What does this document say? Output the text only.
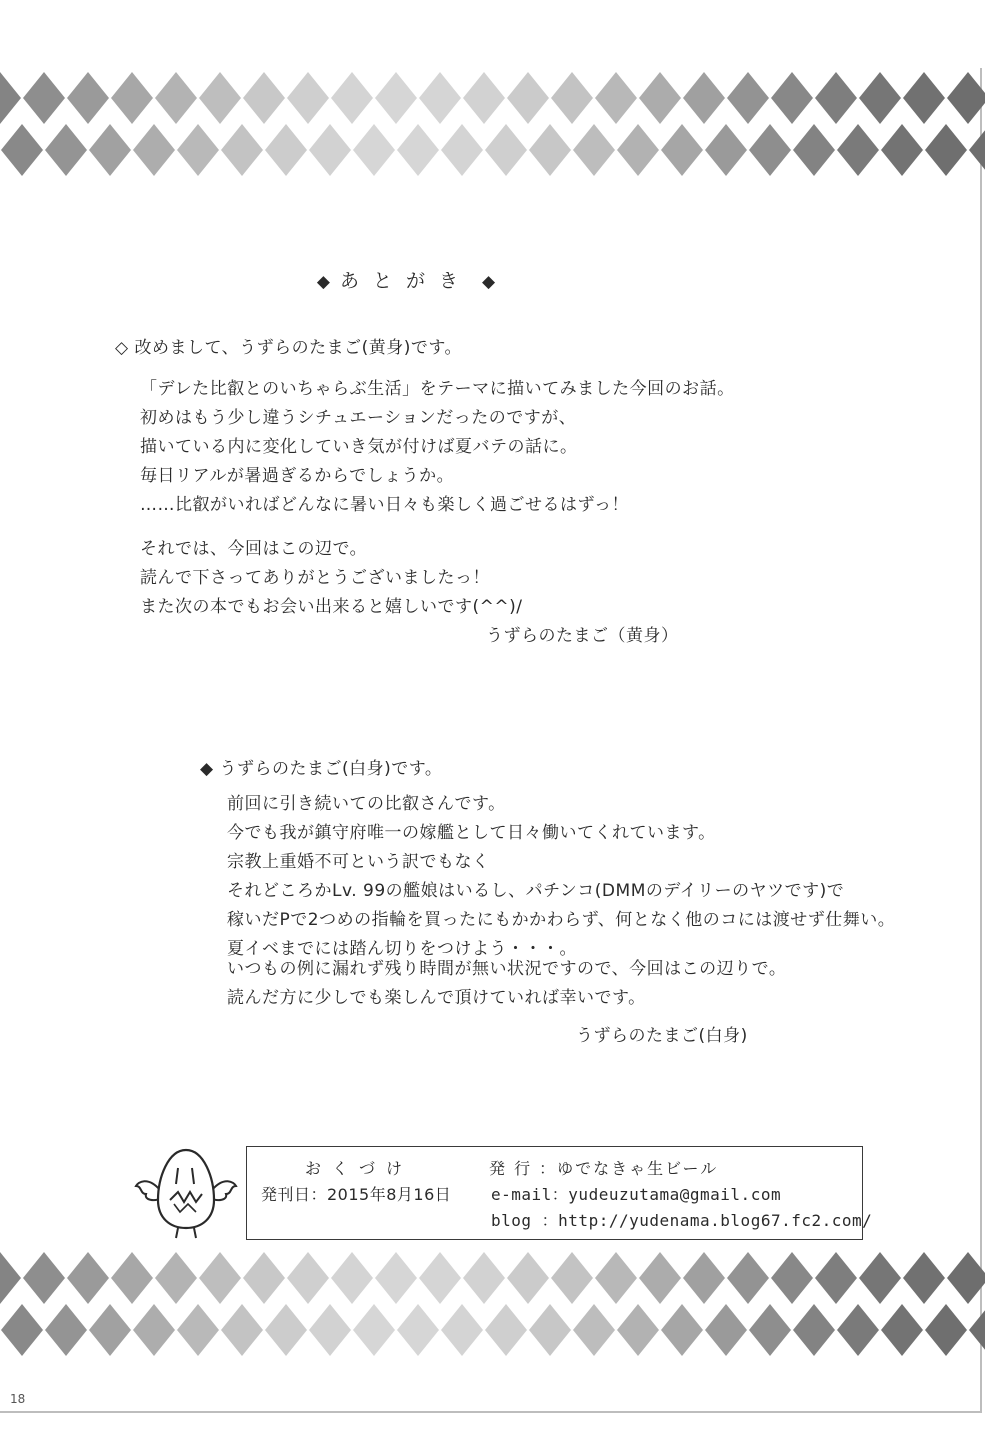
◆ あとがき ◆
◇ 改めまして、うずらのたまご(黄身)です。
「デレた比叡とのいちゃらぶ生活」をテーマに描いてみました今回のお話。
初めはもう少し違うシチュエーションだったのですが、
描いている内に変化していき気が付けば夏バテの話に。
毎日リアルが暑過ぎるからでしょうか。
……比叡がいればどんなに暑い日々も楽しく過ごせるはずっ！
それでは、今回はこの辺で。
読んで下さってありがとうございましたっ！
また次の本でもお会い出来ると嬉しいです(^^)/
うずらのたまご（黄身）
◆ うずらのたまご(白身)です。
前回に引き続いての比叡さんです。
今でも我が鎮守府唯一の嫁艦として日々働いてくれています。
宗教上重婚不可という訳でもなく
それどころかLv. 99の艦娘はいるし、パチンコ(DMMのデイリーのヤツです)で
稼いだPで2つめの指輪を買ったにもかかわらず、何となく他のコには渡せず仕舞い。
夏イベまでには踏ん切りをつけよう・・・。
いつもの例に漏れず残り時間が無い状況ですので、今回はこの辺りで。
読んだ方に少しでも楽しんで頂けていれば幸いです。
うずらのたまご(白身)
おくづけ
発刊日：2015年8月16日
発 行 ：ゆでなきゃ生ビール
e-mail：yudeuzutama@gmail.com
blog ：http://yudenama.blog67.fc2.com/
18
